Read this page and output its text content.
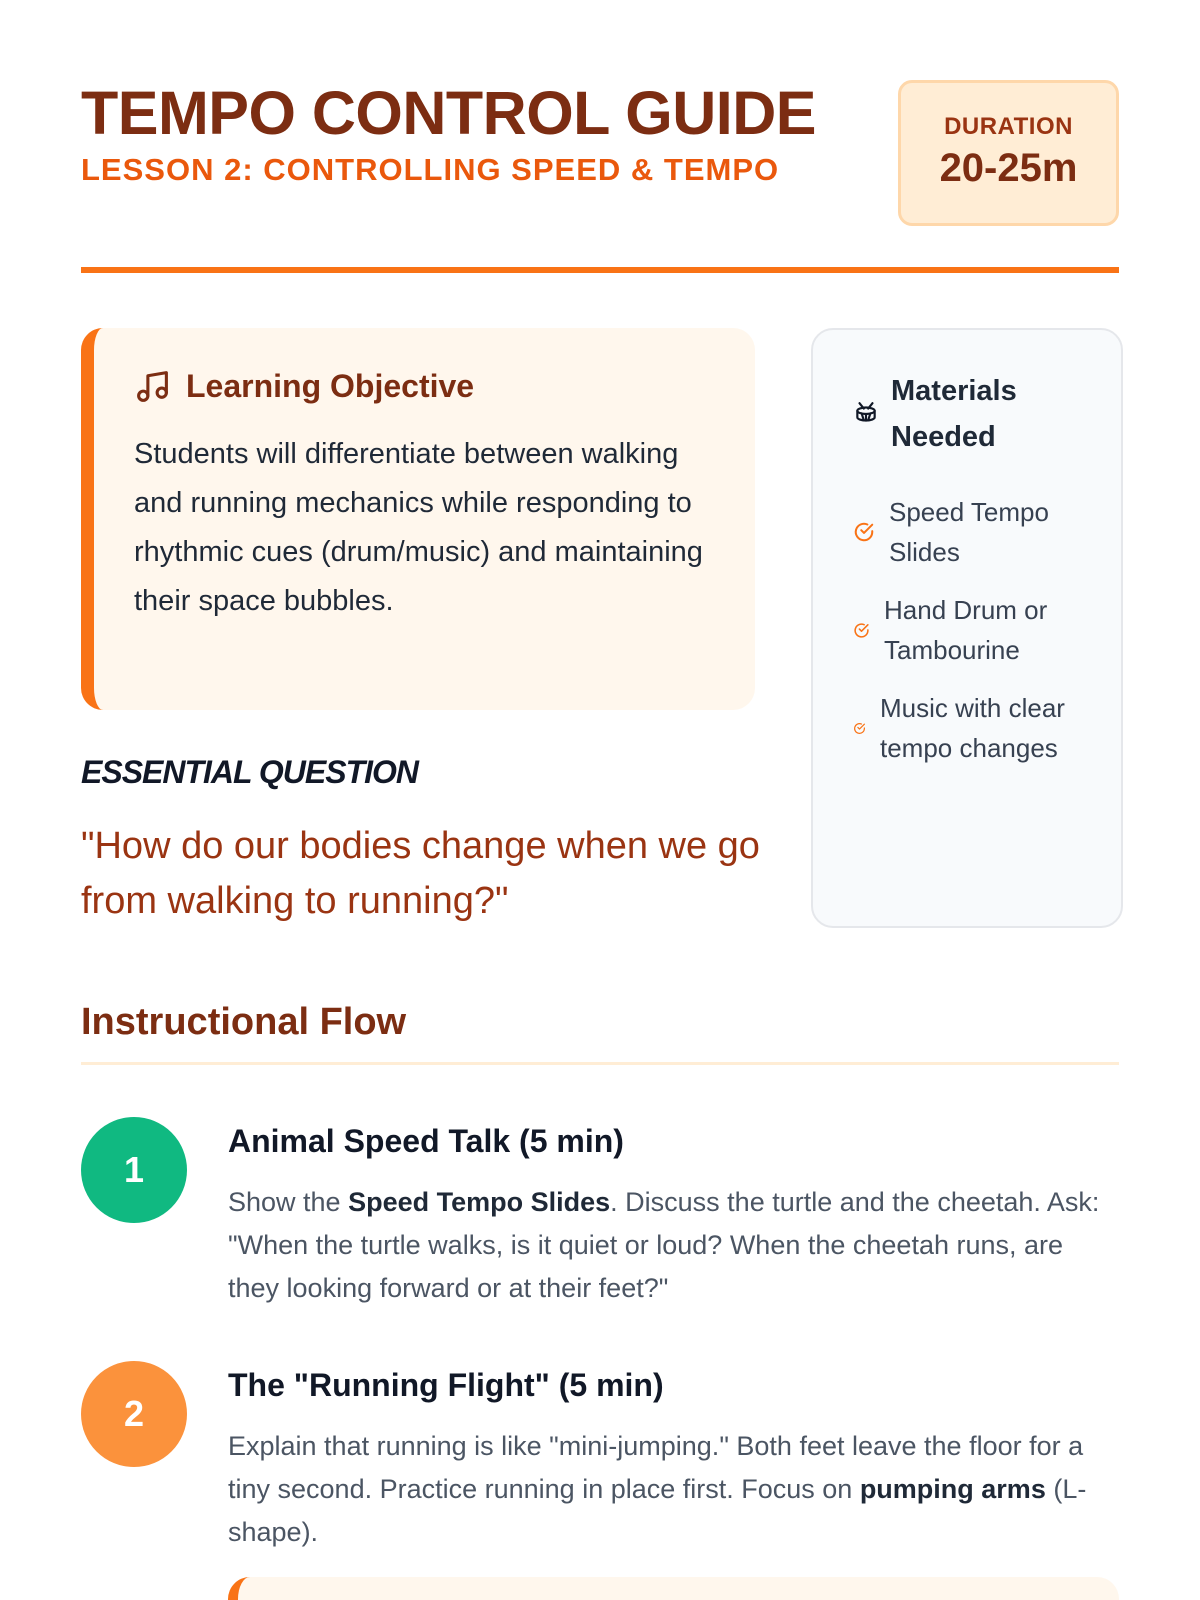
TEMPO CONTROL GUIDE
LESSON 2: CONTROLLING SPEED & TEMPO
DURATION
20-25m
Learning Objective

Students will differentiate between walking and running mechanics while responding to rhythmic cues (drum/music) and maintaining their space bubbles.

ESSENTIAL QUESTION
"How do our bodies change when we go from walking to running?"
Materials Needed
Speed Tempo Slides
Hand Drum or Tambourine
Music with clear tempo changes
Instructional Flow
1
Animal Speed Talk (5 min)

Show the Speed Tempo Slides. Discuss the turtle and the cheetah. Ask: "When the turtle walks, is it quiet or loud? When the cheetah runs, are they looking forward or at their feet?"

2
The "Running Flight" (5 min)

Explain that running is like "mini-jumping." Both feet leave the floor for a tiny second. Practice running in place first. Focus on pumping arms (L-shape).
